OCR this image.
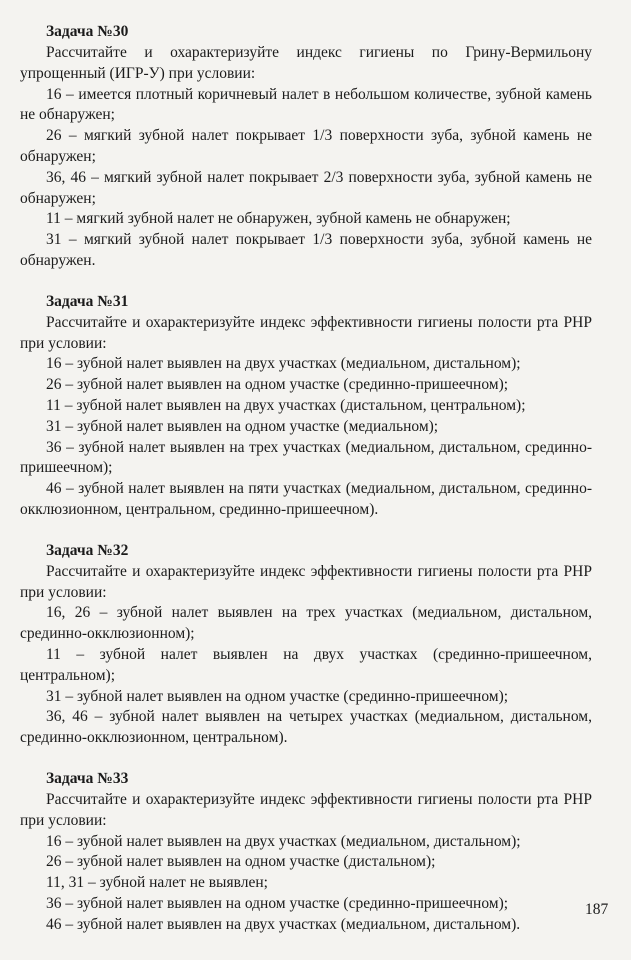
Задача №30

Рассчитайте и охарактеризуйте индекс гигиены по Грину-Вермильону упрощенный (ИГР-У) при условии:

16 – имеется плотный коричневый налет в небольшом количестве, зубной камень не обнаружен;

26 – мягкий зубной налет покрывает 1/3 поверхности зуба, зубной камень не обнаружен;

36, 46 – мягкий зубной налет покрывает 2/3 поверхности зуба, зубной камень не обнаружен;

11 – мягкий зубной налет не обнаружен, зубной камень не обнаружен;

31 – мягкий зубной налет покрывает 1/3 поверхности зуба, зубной камень не обнаружен.

Задача №31

Рассчитайте и охарактеризуйте индекс эффективности гигиены полости рта PHP при условии:

16 – зубной налет выявлен на двух участках (медиальном, дистальном);

26 – зубной налет выявлен на одном участке (срединно-пришеечном);

11 – зубной налет выявлен на двух участках (дистальном, центральном);

31 – зубной налет выявлен на одном участке (медиальном);

36 – зубной налет выявлен на трех участках (медиальном, дистальном, срединно-пришеечном);

46 – зубной налет выявлен на пяти участках (медиальном, дистальном, срединно-окклюзионном, центральном, срединно-пришеечном).

Задача №32

Рассчитайте и охарактеризуйте индекс эффективности гигиены полости рта PHP при условии:

16, 26 – зубной налет выявлен на трех участках (медиальном, дистальном, срединно-окклюзионном);

11 – зубной налет выявлен на двух участках (срединно-пришеечном, центральном);

31 – зубной налет выявлен на одном участке (срединно-пришеечном);

36, 46 – зубной налет выявлен на четырех участках (медиальном, дистальном, срединно-окклюзионном, центральном).

Задача №33

Рассчитайте и охарактеризуйте индекс эффективности гигиены полости рта PHP при условии:

16 – зубной налет выявлен на двух участках (медиальном, дистальном);

26 – зубной налет выявлен на одном участке (дистальном);

11, 31 – зубной налет не выявлен;

36 – зубной налет выявлен на одном участке (срединно-пришеечном);

46 – зубной налет выявлен на двух участках (медиальном, дистальном).

187
